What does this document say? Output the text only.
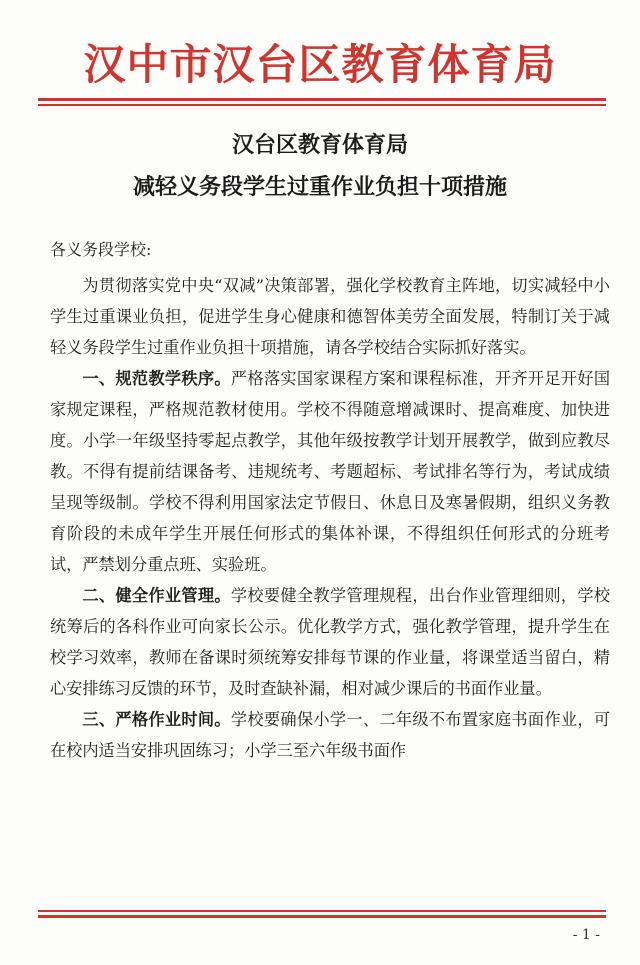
汉中市汉台区教育体育局
汉台区教育体育局
减轻义务段学生过重作业负担十项措施
各义务段学校:

为贯彻落实党中央“双减”决策部署，强化学校教育主阵地，切实减轻中小学生过重课业负担，促进学生身心健康和德智体美劳全面发展，特制订关于减轻义务段学生过重作业负担十项措施，请各学校结合实际抓好落实。

一、规范教学秩序。严格落实国家课程方案和课程标准，开齐开足开好国家规定课程，严格规范教材使用。学校不得随意增减课时、提高难度、加快进度。小学一年级坚持零起点教学，其他年级按教学计划开展教学，做到应教尽教。不得有提前结课备考、违规统考、考题超标、考试排名等行为，考试成绩呈现等级制。学校不得利用国家法定节假日、休息日及寒暑假期，组织义务教育阶段的未成年学生开展任何形式的集体补课，不得组织任何形式的分班考试，严禁划分重点班、实验班。

二、健全作业管理。学校要健全教学管理规程，出台作业管理细则，学校统筹后的各科作业可向家长公示。优化教学方式，强化教学管理，提升学生在校学习效率，教师在备课时须统筹安排每节课的作业量，将课堂适当留白，精心安排练习反馈的环节，及时查缺补漏，相对减少课后的书面作业量。

三、严格作业时间。学校要确保小学一、二年级不布置家庭书面作业，可在校内适当安排巩固练习；小学三至六年级书面作

- 1 -
